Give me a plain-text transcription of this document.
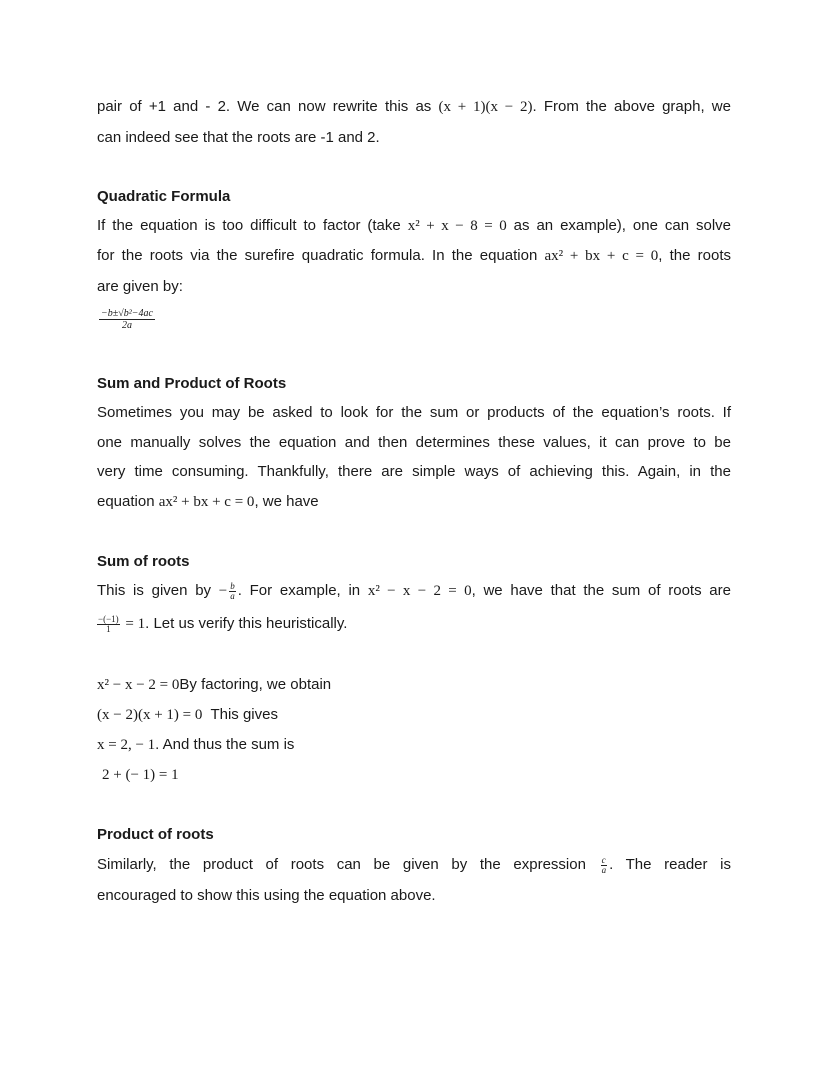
pair of +1 and - 2. We can now rewrite this as (x + 1)(x − 2). From the above graph, we
can indeed see that the roots are -1 and 2.
Quadratic Formula
If the equation is too difficult to factor (take x² + x − 8 = 0 as an example), one can solve
for the roots via the surefire quadratic formula. In the equation ax² + bx + c = 0, the roots
are given by:
$\frac{\text{−b±√b²−4ac}}{2a}$
Sum and Product of Roots
Sometimes you may be asked to look for the sum or products of the equation’s roots. If
one manually solves the equation and then determines these values, it can prove to be
very time consuming. Thankfully, there are simple ways of achieving this. Again, in the
equation ax² + bx + c = 0, we have
Sum of roots
This is given by − $\frac{b}{a}$ . For example, in x² − x − 2 = 0, we have that the sum of roots are
$\frac{-(-1)}{1} = 1$. Let us verify this heuristically.
x² − x − 2 = 0By factoring, we obtain
(x − 2)(x + 1) = 0 This gives
x = 2, − 1. And thus the sum is
2 + (− 1) = 1
Product of roots
Similarly, the product of roots can be given by the expression $\frac{c}{a}$ . The reader is
encouraged to show this using the equation above.
